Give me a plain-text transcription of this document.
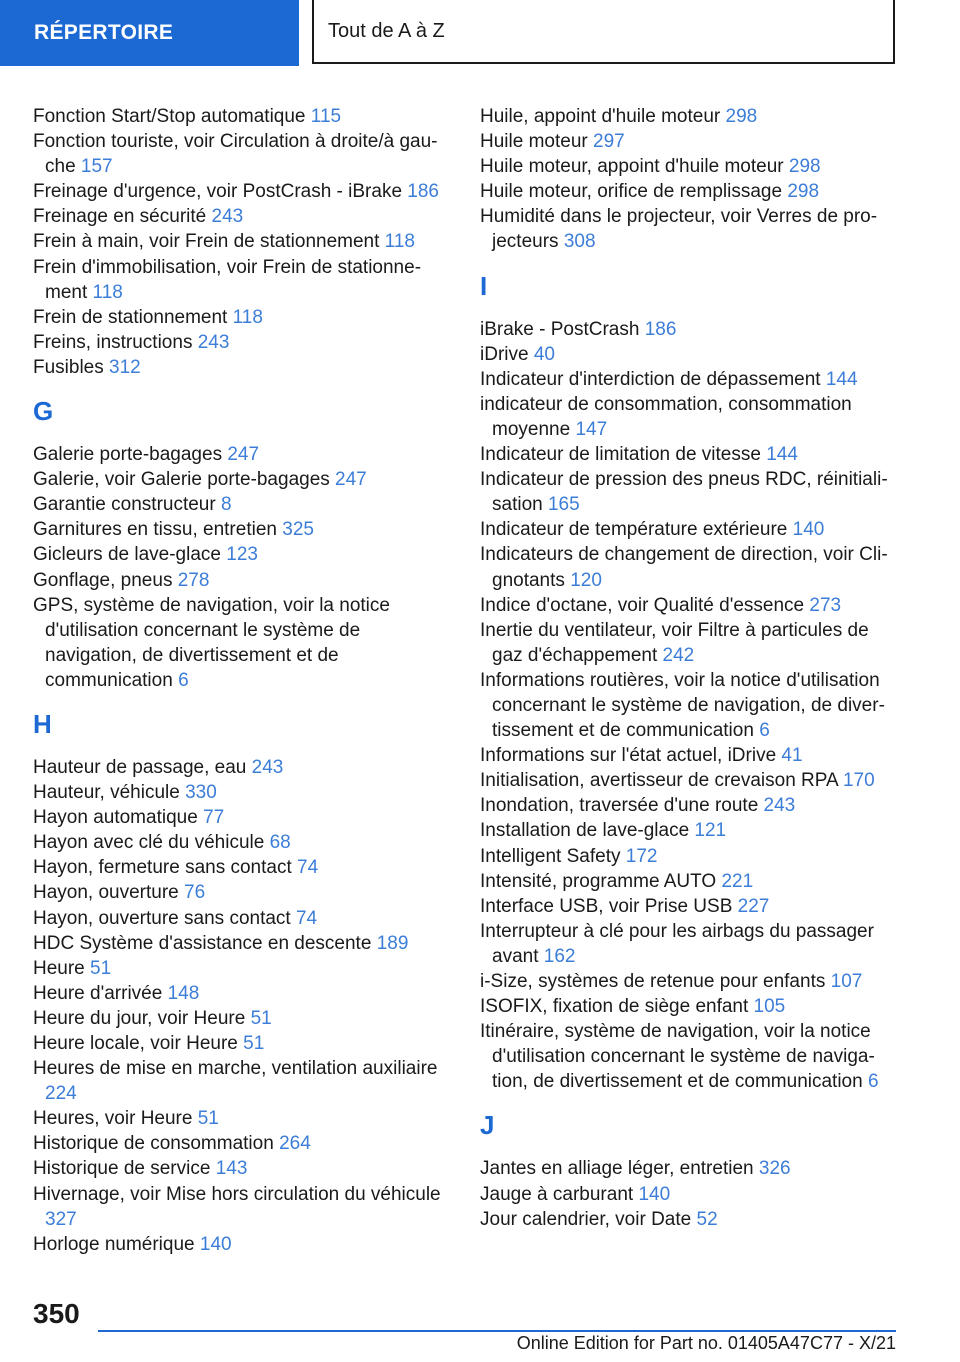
RÉPERTOIRE	Tout de A à Z
Fonction Start/Stop automatique 115
Fonction touriste, voir Circulation à droite/à gauche 157
Freinage d'urgence, voir PostCrash - iBrake 186
Freinage en sécurité 243
Frein à main, voir Frein de stationnement 118
Frein d'immobilisation, voir Frein de stationnement 118
Frein de stationnement 118
Freins, instructions 243
Fusibles 312
G
Galerie porte-bagages 247
Galerie, voir Galerie porte-bagages 247
Garantie constructeur 8
Garnitures en tissu, entretien 325
Gicleurs de lave-glace 123
Gonflage, pneus 278
GPS, système de navigation, voir la notice d'utilisation concernant le système de navigation, de divertissement et de communication 6
H
Hauteur de passage, eau 243
Hauteur, véhicule 330
Hayon automatique 77
Hayon avec clé du véhicule 68
Hayon, fermeture sans contact 74
Hayon, ouverture 76
Hayon, ouverture sans contact 74
HDC Système d'assistance en descente 189
Heure 51
Heure d'arrivée 148
Heure du jour, voir Heure 51
Heure locale, voir Heure 51
Heures de mise en marche, ventilation auxiliaire 224
Heures, voir Heure 51
Historique de consommation 264
Historique de service 143
Hivernage, voir Mise hors circulation du véhicule 327
Horloge numérique 140
Huile, appoint d'huile moteur 298
Huile moteur 297
Huile moteur, appoint d'huile moteur 298
Huile moteur, orifice de remplissage 298
Humidité dans le projecteur, voir Verres de projecteurs 308
I
iBrake - PostCrash 186
iDrive 40
Indicateur d'interdiction de dépassement 144
indicateur de consommation, consommation moyenne 147
Indicateur de limitation de vitesse 144
Indicateur de pression des pneus RDC, réinitialisation 165
Indicateur de température extérieure 140
Indicateurs de changement de direction, voir Clignotants 120
Indice d'octane, voir Qualité d'essence 273
Inertie du ventilateur, voir Filtre à particules de gaz d'échappement 242
Informations routières, voir la notice d'utilisation concernant le système de navigation, de divertissement et de communication 6
Informations sur l'état actuel, iDrive 41
Initialisation, avertisseur de crevaison RPA 170
Inondation, traversée d'une route 243
Installation de lave-glace 121
Intelligent Safety 172
Intensité, programme AUTO 221
Interface USB, voir Prise USB 227
Interrupteur à clé pour les airbags du passager avant 162
i-Size, systèmes de retenue pour enfants 107
ISOFIX, fixation de siège enfant 105
Itinéraire, système de navigation, voir la notice d'utilisation concernant le système de navigation, de divertissement et de communication 6
J
Jantes en alliage léger, entretien 326
Jauge à carburant 140
Jour calendrier, voir Date 52
350
Online Edition for Part no. 01405A47C77 - X/21
